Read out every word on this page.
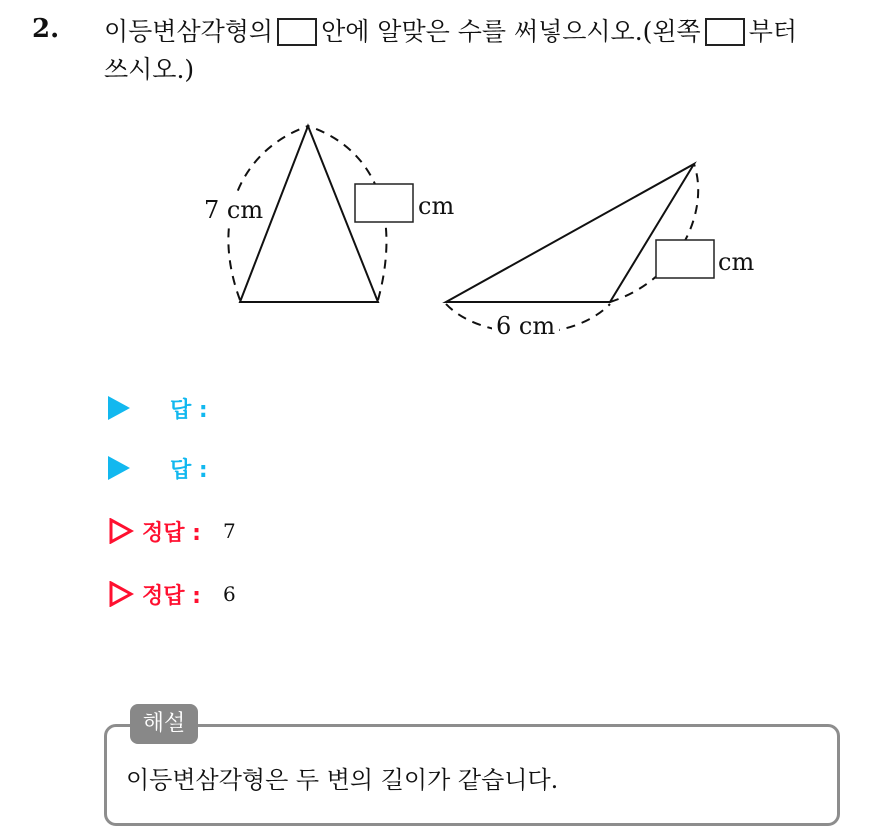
2. 이등변삼각형의 안에 알맞은 수를 써넣으시오.(왼쪽 부터
쓰시오.)
7 cm	cm
cm
6 cm
답 :
답 :
정답 : 7
정답 : 6
해설
이등변삼각형은 두 변의 길이가 같습니다.
